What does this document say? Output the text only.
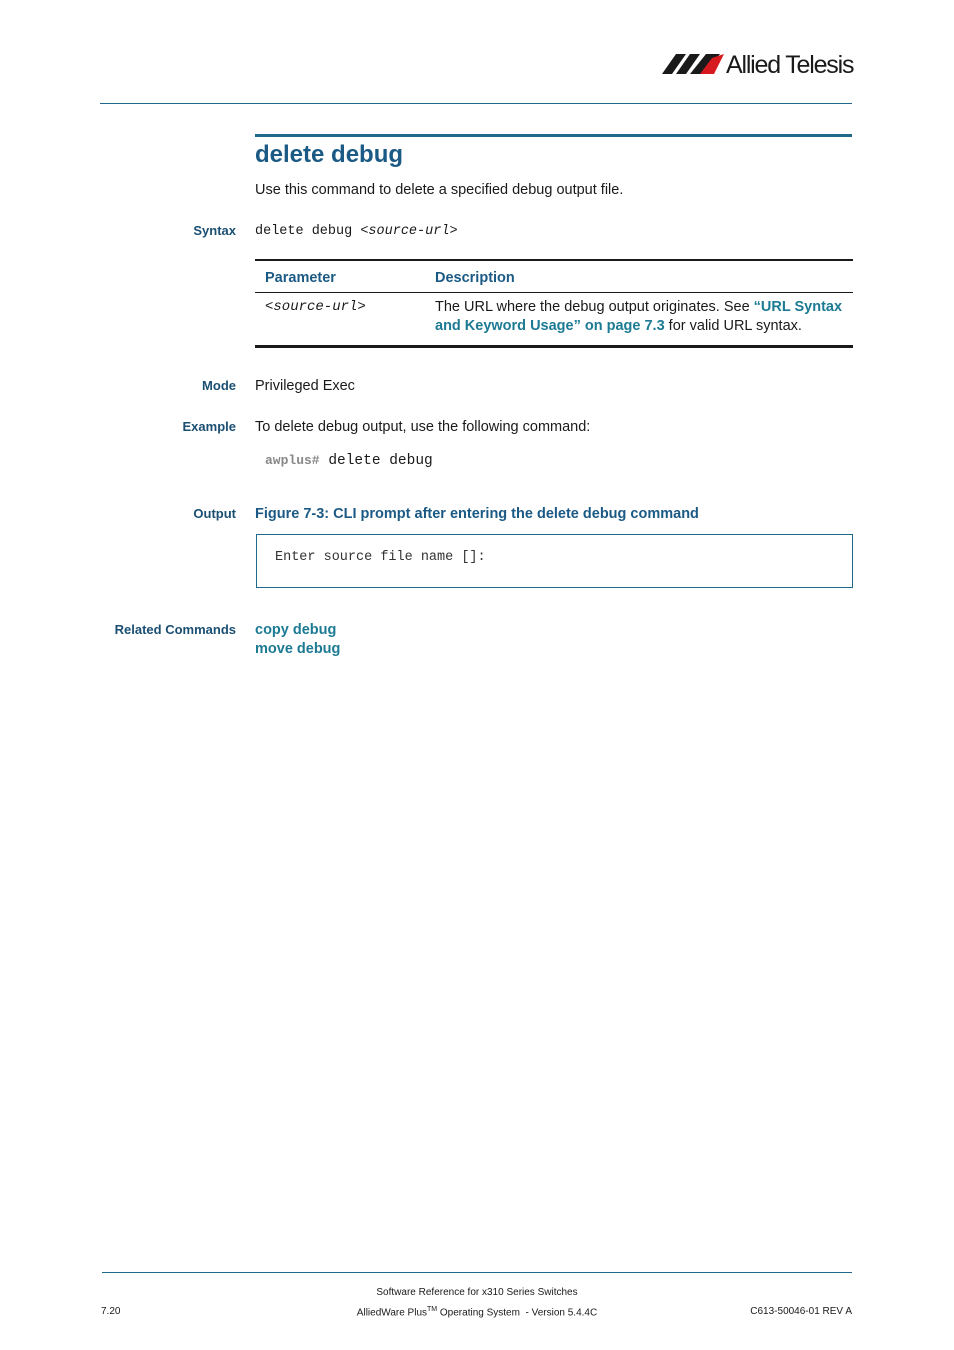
Allied Telesis
delete debug
Use this command to delete a specified debug output file.
Syntax delete debug <source-url>
Parameter	Description
<source-url>	The URL where the debug output originates. See “URL Syntax and Keyword Usage” on page 7.3 for valid URL syntax.
Mode Privileged Exec
Example To delete debug output, use the following command:
awplus# delete debug
Output Figure 7-3: CLI prompt after entering the delete debug command
Enter source file name []:
Related Commands copy debug
move debug
Software Reference for x310 Series Switches
7.20	AlliedWare Plus™ Operating System  - Version 5.4.4C	C613-50046-01 REV A
